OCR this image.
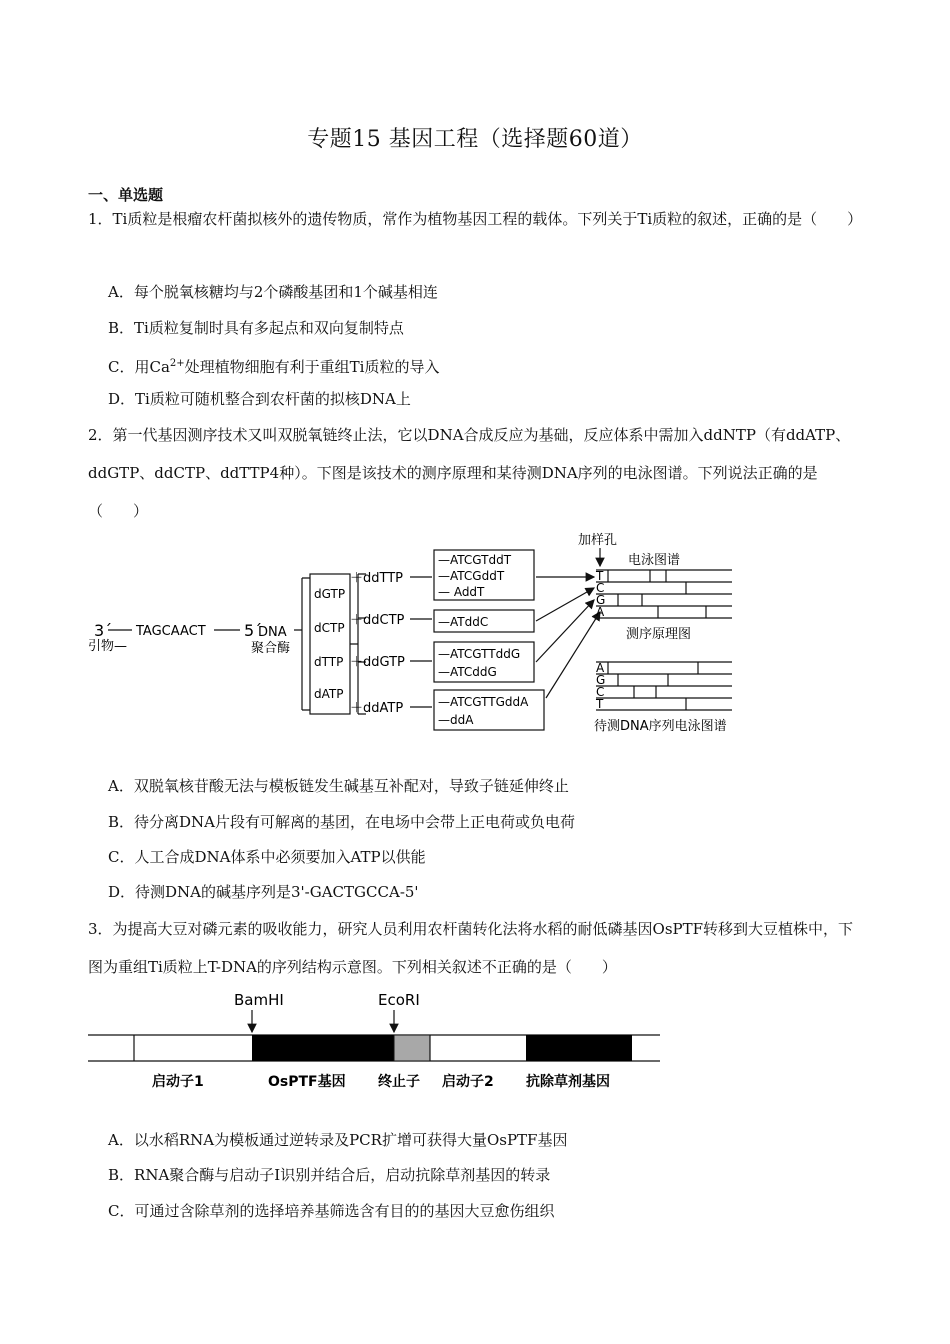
专题15 基因工程（选择题60道）
一、单选题
1．Ti质粒是根瘤农杆菌拟核外的遗传物质，常作为植物基因工程的载体。下列关于Ti质粒的叙述，正确的是（　　）
A．每个脱氧核糖均与2个磷酸基团和1个碱基相连
B．Ti质粒复制时具有多起点和双向复制特点
C．用$Ca^{2+}$处理植物细胞有利于重组Ti质粒的导入
D．Ti质粒可随机整合到农杆菌的拟核DNA上
2．第一代基因测序技术又叫双脱氧链终止法，它以DNA合成反应为基础，反应体系中需加入ddNTP（有ddATP、ddGTP、ddCTP、ddTTP4种）。下图是该技术的测序原理和某待测DNA序列的电泳图谱。下列说法正确的是（　　）
3´ TAGCAACT 5´
引物—
DNA
聚合酶
dGTP
dCTP
dTTP
dATP
＋ddTTP
＋ddCTP
＋ddGTP
＋ddATP
—ATCGTddT
—ATCGddT
— AddT
—ATddC
—ATCGTTddG
—ATCddG
—ATCGTTGddA
—ddA
加样孔
电泳图谱
T
C
G
A
测序原理图
A
G
C
T
待测DNA序列电泳图谱
A．双脱氧核苷酸无法与模板链发生碱基互补配对，导致子链延伸终止
B．待分离DNA片段有可解离的基团，在电场中会带上正电荷或负电荷
C．人工合成DNA体系中必须要加入ATP以供能
D．待测DNA的碱基序列是3'-GACTGCCA-5'
3．为提高大豆对磷元素的吸收能力，研究人员利用农杆菌转化法将水稻的耐低磷基因OsPTF转移到大豆植株中，下图为重组Ti质粒上T-DNA的序列结构示意图。下列相关叙述不正确的是（　　）
BamHI	EcoRI
启动子1	OsPTF基因 终止子 启动子2 抗除草剂基因
A．以水稻RNA为模板通过逆转录及PCR扩增可获得大量OsPTF基因
B．RNA聚合酶与启动子I识别并结合后，启动抗除草剂基因的转录
C．可通过含除草剂的选择培养基筛选含有目的的基因大豆愈伤组织
